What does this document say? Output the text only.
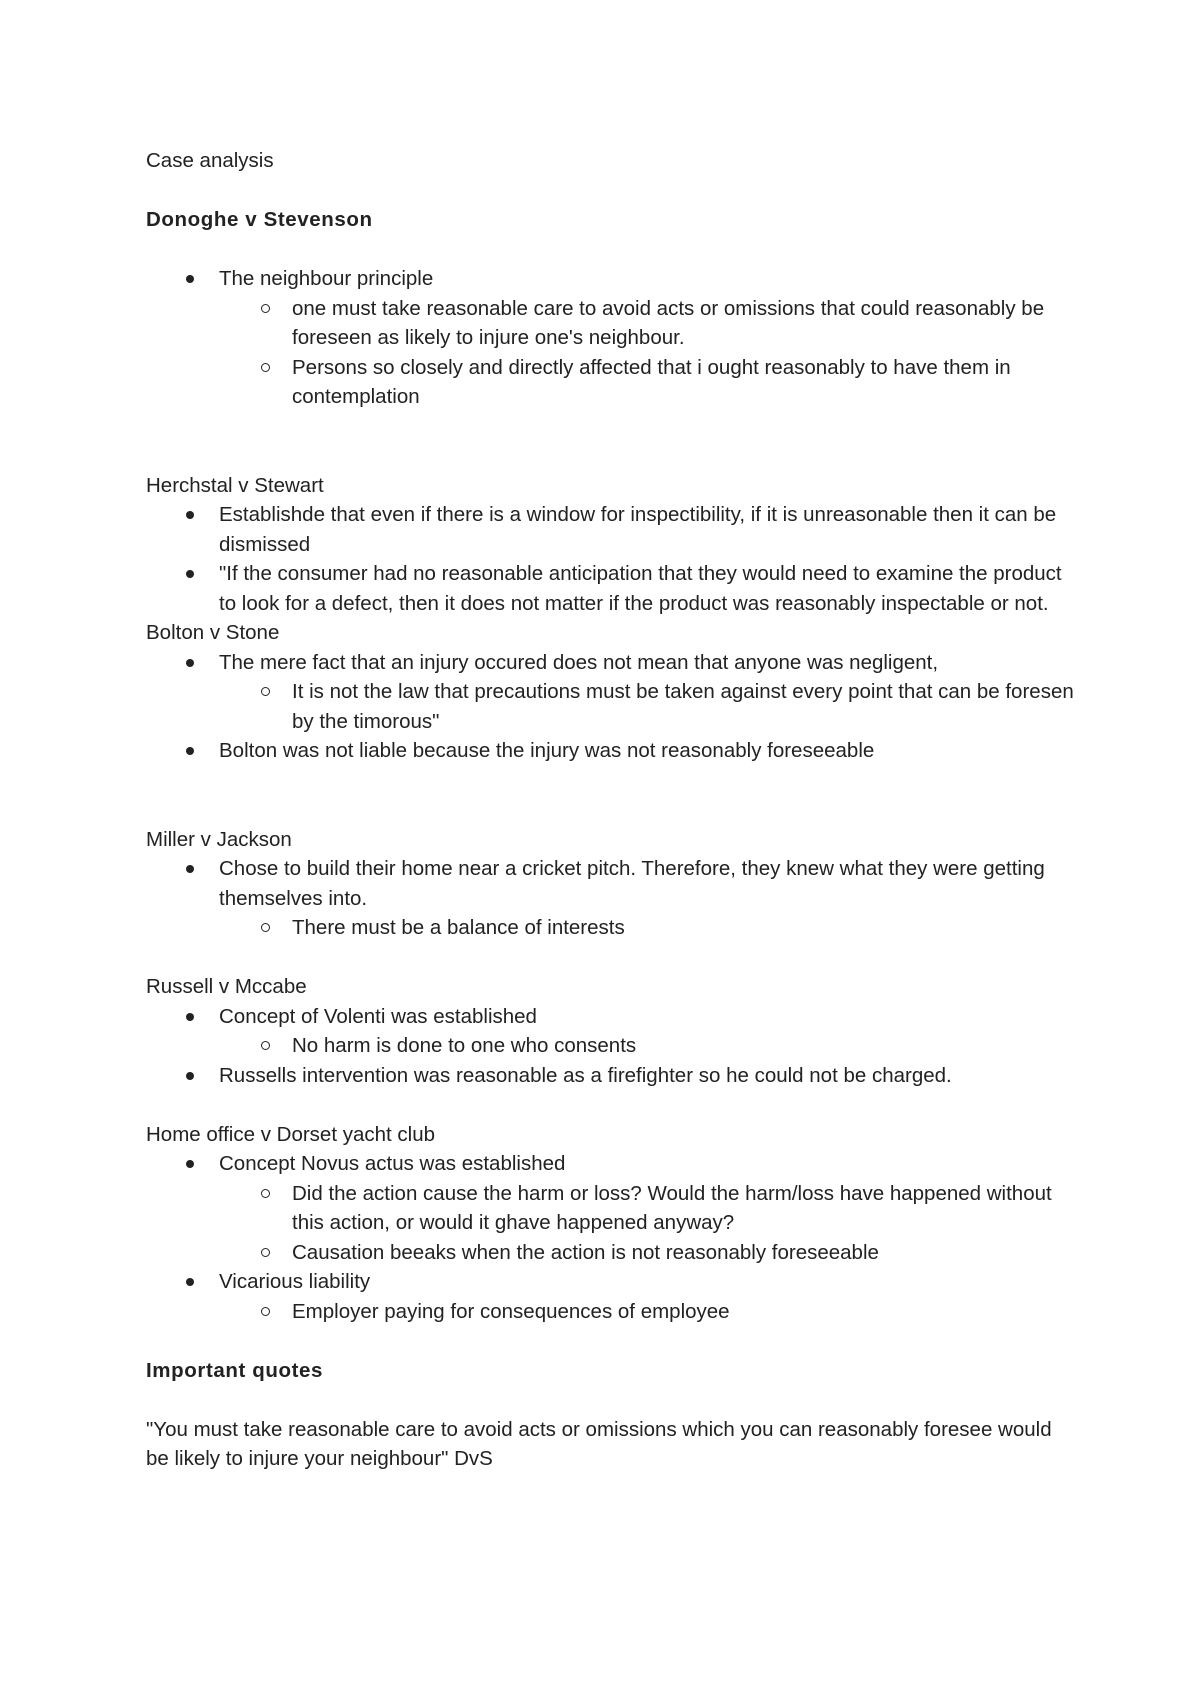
Case analysis

Donoghe v Stevenson

The neighbour principle
one must take reasonable care to avoid acts or omissions that could reasonably be foreseen as likely to injure one's neighbour.
Persons so closely and directly affected that i ought reasonably to have them in contemplation

Herchstal v Stewart

Establishde that even if there is a window for inspectibility, if it is unreasonable then it can be dismissed
"If the consumer had no reasonable anticipation that they would need to examine the product to look for a defect, then it does not matter if the product was reasonably inspectable or not.

Bolton v Stone

The mere fact that an injury occured does not mean that anyone was negligent,
It is not the law that precautions must be taken against every point that can be foresen by the timorous"
Bolton was not liable because the injury was not reasonably foreseeable

Miller v Jackson

Chose to build their home near a cricket pitch. Therefore, they knew what they were getting themselves into.
There must be a balance of interests

Russell v Mccabe

Concept of Volenti was established
No harm is done to one who consents
Russells intervention was reasonable as a firefighter so he could not be charged.

Home office v Dorset yacht club

Concept Novus actus was established
Did the action cause the harm or loss? Would the harm/loss have happened without this action, or would it ghave happened anyway?
Causation beeaks when the action is not reasonably foreseeable
Vicarious liability
Employer paying for consequences of employee

Important quotes

"You must take reasonable care to avoid acts or omissions which you can reasonably foresee would be likely to injure your neighbour" DvS
